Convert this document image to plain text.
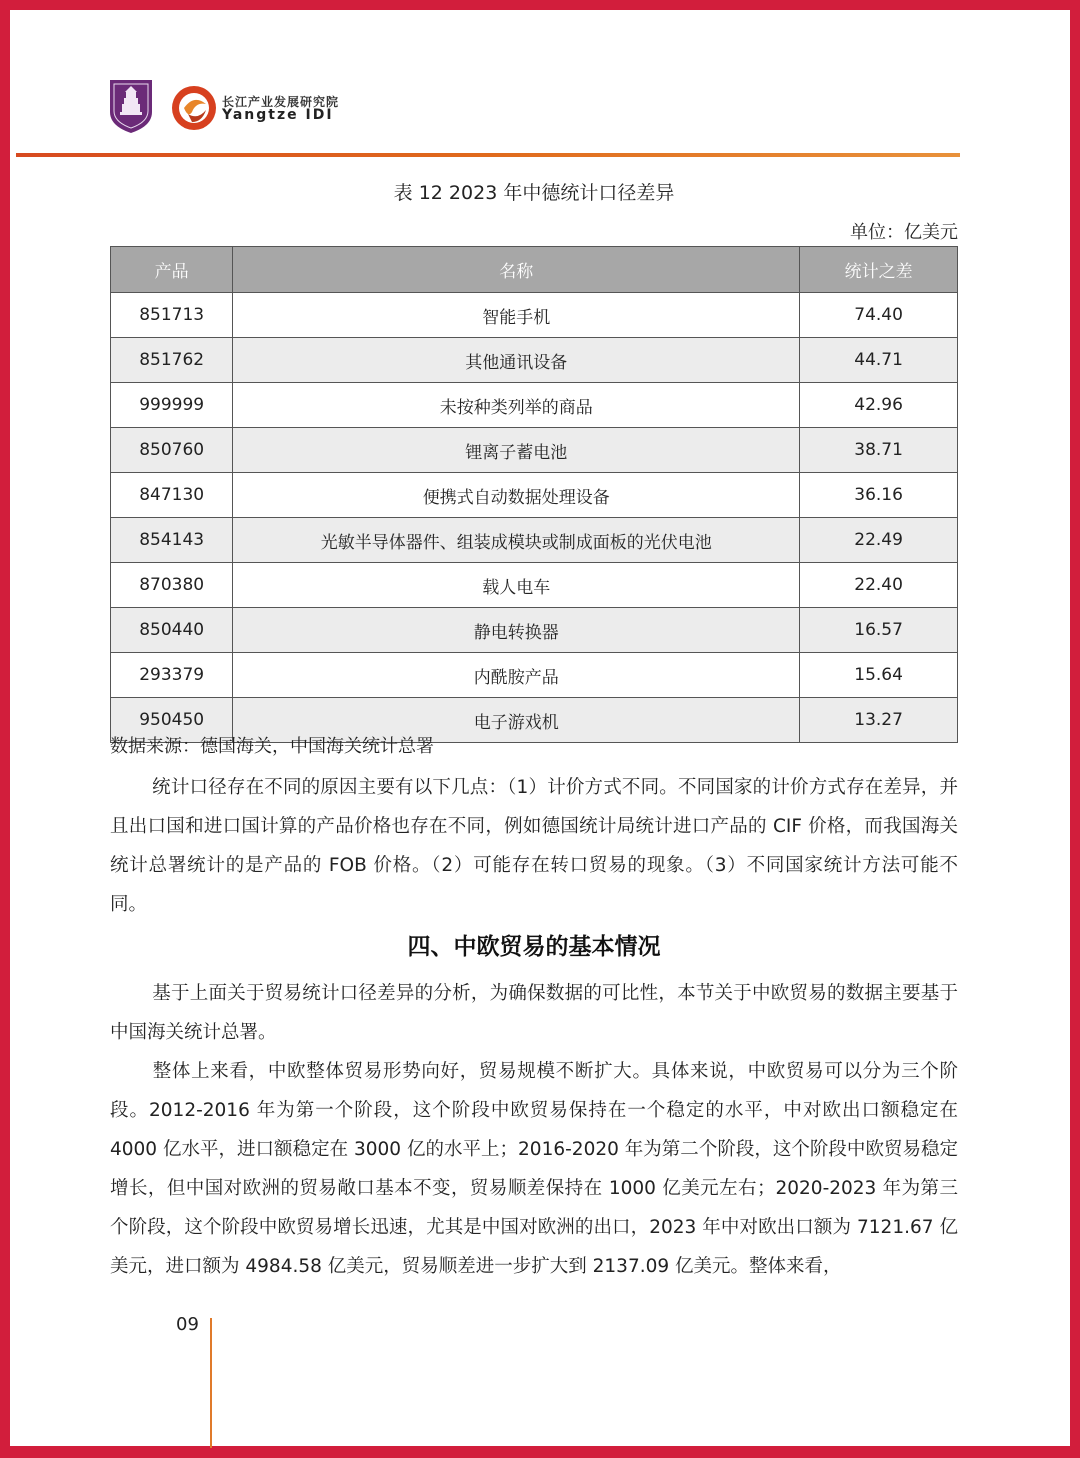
长江产业发展研究院
Yangtze IDI
表 12 2023 年中德统计口径差异
单位：亿美元
产品	名称	统计之差
851713	智能手机	74.40
851762	其他通讯设备	44.71
999999	未按种类列举的商品	42.96
850760	锂离子蓄电池	38.71
847130	便携式自动数据处理设备	36.16
854143	光敏半导体器件、组装成模块或制成面板的光伏电池	22.49
870380	载人电车	22.40
850440	静电转换器	16.57
293379	内酰胺产品	15.64
950450	电子游戏机	13.27
数据来源：德国海关，中国海关统计总署

统计口径存在不同的原因主要有以下几点：（1）计价方式不同。不同国家的计价方式存在差异，并且出口国和进口国计算的产品价格也存在不同，例如德国统计局统计进口产品的 CIF 价格，而我国海关统计总署统计的是产品的 FOB 价格。（2）可能存在转口贸易的现象。（3）不同国家统计方法可能不同。

四、中欧贸易的基本情况

基于上面关于贸易统计口径差异的分析，为确保数据的可比性，本节关于中欧贸易的数据主要基于中国海关统计总署。

整体上来看，中欧整体贸易形势向好，贸易规模不断扩大。具体来说，中欧贸易可以分为三个阶段。2012-2016 年为第一个阶段，这个阶段中欧贸易保持在一个稳定的水平，中对欧出口额稳定在 4000 亿水平，进口额稳定在 3000 亿的水平上；2016-2020 年为第二个阶段，这个阶段中欧贸易稳定增长，但中国对欧洲的贸易敞口基本不变，贸易顺差保持在 1000 亿美元左右；2020-2023 年为第三个阶段，这个阶段中欧贸易增长迅速，尤其是中国对欧洲的出口，2023 年中对欧出口额为 7121.67 亿美元，进口额为 4984.58 亿美元，贸易顺差进一步扩大到 2137.09 亿美元。整体来看，

09
